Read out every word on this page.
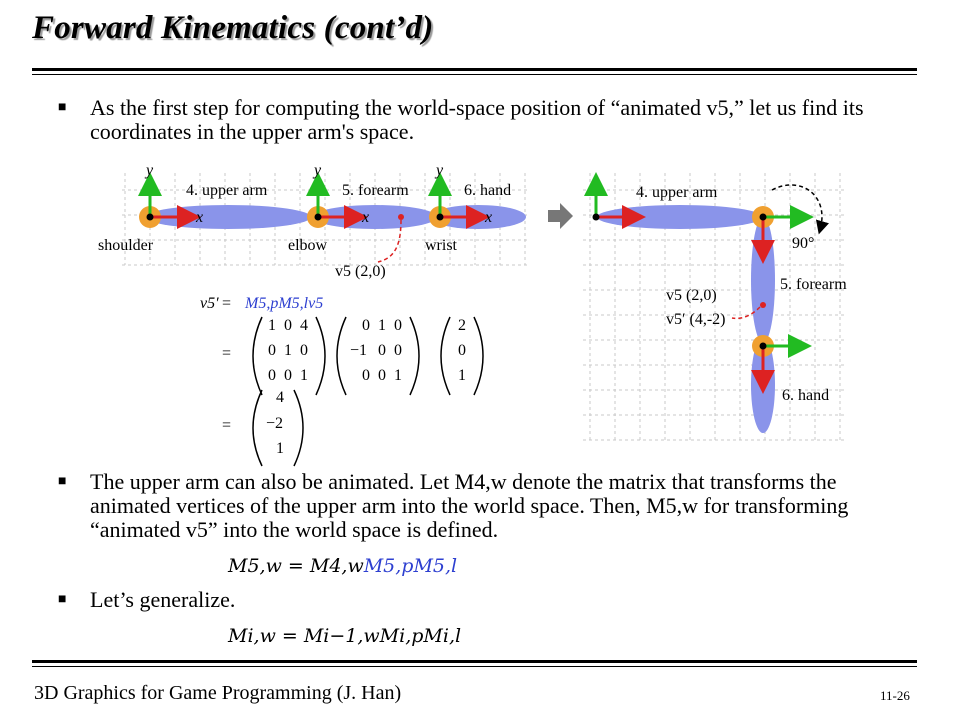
Forward Kinematics (cont’d)
■ As the first step for computing the world-space position of “animated v5,” let us find its coordinates in the upper arm's space.
y	y	y
x	x	x
4. upper arm	5. forearm	6. hand
shoulder	elbow	wrist
v5 (2,0)
90°
4. upper arm
5. forearm
6. hand
v5 (2,0)
v5′ (4,-2)
v5′ = M5,pM5,lv5
=
1 0 4
0 1 0
0 0 1
0 1 0
−1 0 0
0 0 1
2
0
1
=
4
−2
1
■ The upper arm can also be animated. Let M4,w denote the matrix that transforms the animated vertices of the upper arm into the world space. Then, M5,w for transforming “animated v5” into the world space is defined.
M5,w = M4,wM5,pM5,l
■ Let’s generalize.
Mi,w = Mi−1,wMi,pMi,l
3D Graphics for Game Programming (J. Han)	11-26
